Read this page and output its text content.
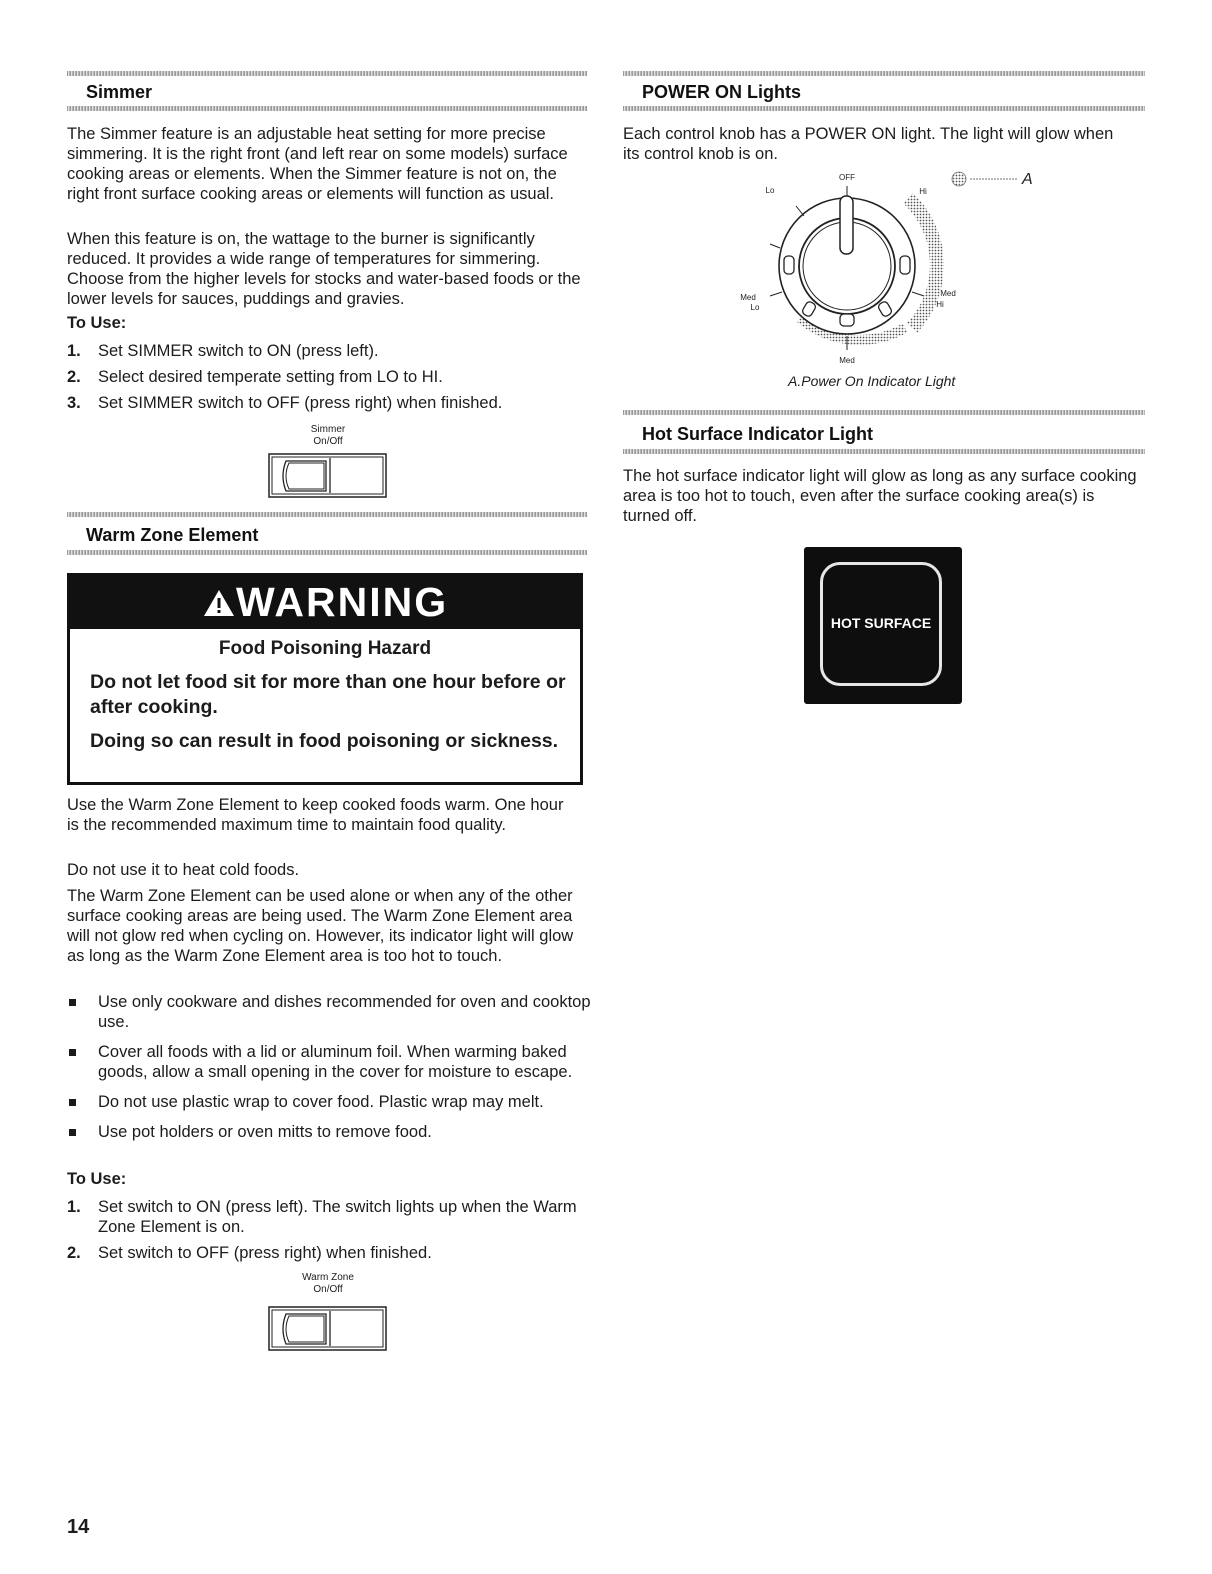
Simmer

The Simmer feature is an adjustable heat setting for more precise simmering. It is the right front (and left rear on some models) surface cooking areas or elements. When the Simmer feature is not on, the right front surface cooking areas or elements will function as usual.

When this feature is on, the wattage to the burner is significantly reduced. It provides a wide range of temperatures for simmering. Choose from the higher levels for stocks and water-based foods or the lower levels for sauces, puddings and gravies.

To Use:
1. Set SIMMER switch to ON (press left).
2. Select desired temperate setting from LO to HI.
3. Set SIMMER switch to OFF (press right) when finished.
Simmer
On/Off
Warm Zone Element
WARNING
Food Poisoning Hazard

Do not let food sit for more than one hour before or after cooking.

Doing so can result in food poisoning or sickness.

Use the Warm Zone Element to keep cooked foods warm. One hour is the recommended maximum time to maintain food quality.

Do not use it to heat cold foods.

The Warm Zone Element can be used alone or when any of the other surface cooking areas are being used. The Warm Zone Element area will not glow red when cycling on. However, its indicator light will glow as long as the Warm Zone Element area is too hot to touch.

Use only cookware and dishes recommended for oven and cooktop use.
Cover all foods with a lid or aluminum foil. When warming baked goods, allow a small opening in the cover for moisture to escape.
Do not use plastic wrap to cover food. Plastic wrap may melt.
Use pot holders or oven mitts to remove food.
To Use:
1. Set switch to ON (press left). The switch lights up when the Warm Zone Element is on.
2. Set switch to OFF (press right) when finished.
Warm Zone
On/Off
14
POWER ON Lights

Each control knob has a POWER ON light. The light will glow when its control knob is on.

OFF
Lo	Hi
Med
Lo
Med
Hi
Med
A
A.Power On Indicator Light
Hot Surface Indicator Light

The hot surface indicator light will glow as long as any surface cooking area is too hot to touch, even after the surface cooking area(s) is turned off.

HOT SURFACE
